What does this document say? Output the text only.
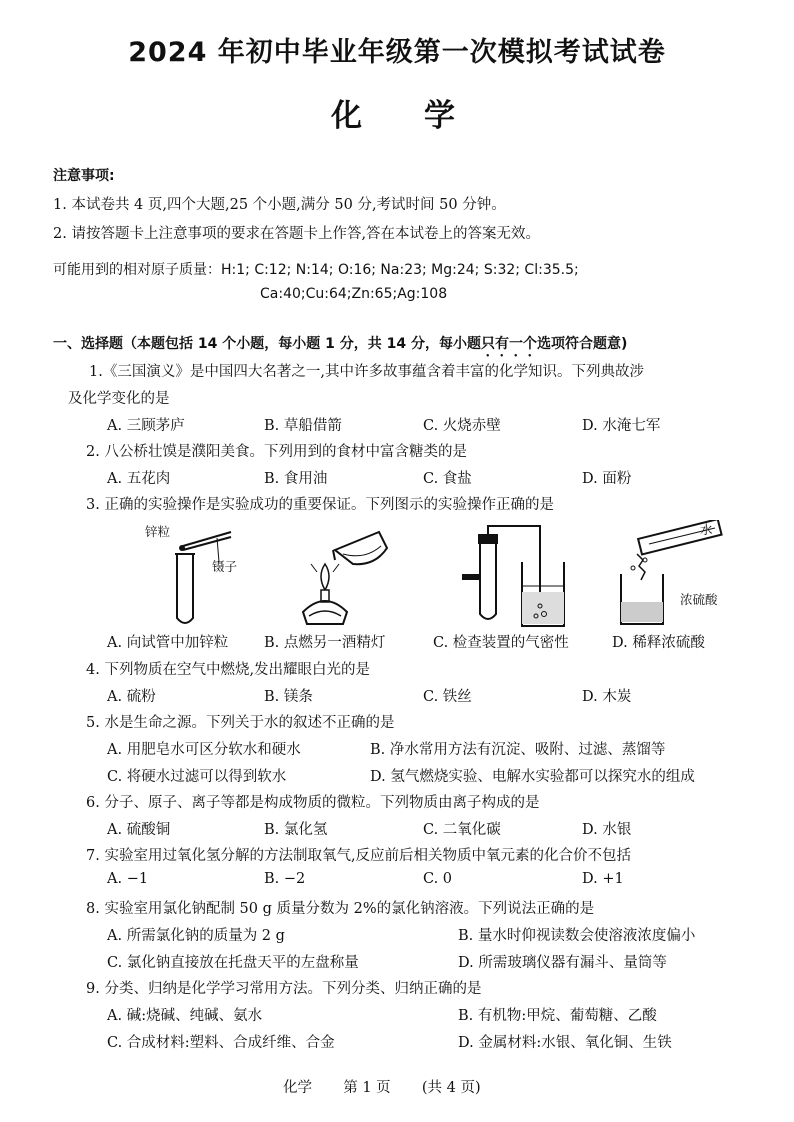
2024 年初中毕业年级第一次模拟考试试卷
化学
注意事项:
1. 本试卷共 4 页,四个大题,25 个小题,满分 50 分,考试时间 50 分钟。
2. 请按答题卡上注意事项的要求在答题卡上作答,答在本试卷上的答案无效。
可能用到的相对原子质量：H:1; C:12; N:14; O:16; Na:23; Mg:24; S:32; Cl:35.5;
Ca:40;Cu:64;Zn:65;Ag:108
一、选择题（本题包括 14 个小题，每小题 1 分，共 14 分，每小题只有一个选项符合题意)
1.《三国演义》是中国四大名著之一,其中许多故事蕴含着丰富的化学知识。下列典故涉
及化学变化的是
A. 三顾茅庐	B. 草船借箭	C. 火烧赤壁	D. 水淹七军
2. 八公桥壮馍是濮阳美食。下列用到的食材中富含糖类的是
A. 五花肉	B. 食用油	C. 食盐	D. 面粉
3. 正确的实验操作是实验成功的重要保证。下列图示的实验操作正确的是
锌粒
镊子
水
浓硫酸
A. 向试管中加锌粒 B. 点燃另一酒精灯	C. 检查装置的气密性	D. 稀释浓硫酸
4. 下列物质在空气中燃烧,发出耀眼白光的是
A. 硫粉	B. 镁条	C. 铁丝	D. 木炭
5. 水是生命之源。下列关于水的叙述不正确的是
A. 用肥皂水可区分软水和硬水	B. 净水常用方法有沉淀、吸附、过滤、蒸馏等
C. 将硬水过滤可以得到软水	D. 氢气燃烧实验、电解水实验都可以探究水的组成
6. 分子、原子、离子等都是构成物质的微粒。下列物质由离子构成的是
A. 硫酸铜	B. 氯化氢	C. 二氧化碳	D. 水银
7. 实验室用过氧化氢分解的方法制取氧气,反应前后相关物质中氧元素的化合价不包括
A. −1	B. −2	C. 0	D. +1
8. 实验室用氯化钠配制 50 g 质量分数为 2%的氯化钠溶液。下列说法正确的是
A. 所需氯化钠的质量为 2 g	B. 量水时仰视读数会使溶液浓度偏小
C. 氯化钠直接放在托盘天平的左盘称量	D. 所需玻璃仪器有漏斗、量筒等
9. 分类、归纳是化学学习常用方法。下列分类、归纳正确的是
A. 碱:烧碱、纯碱、氨水	B. 有机物:甲烷、葡萄糖、乙酸
C. 合成材料:塑料、合成纤维、合金	D. 金属材料:水银、氧化铜、生铁
化学 第 1 页 (共 4 页)
